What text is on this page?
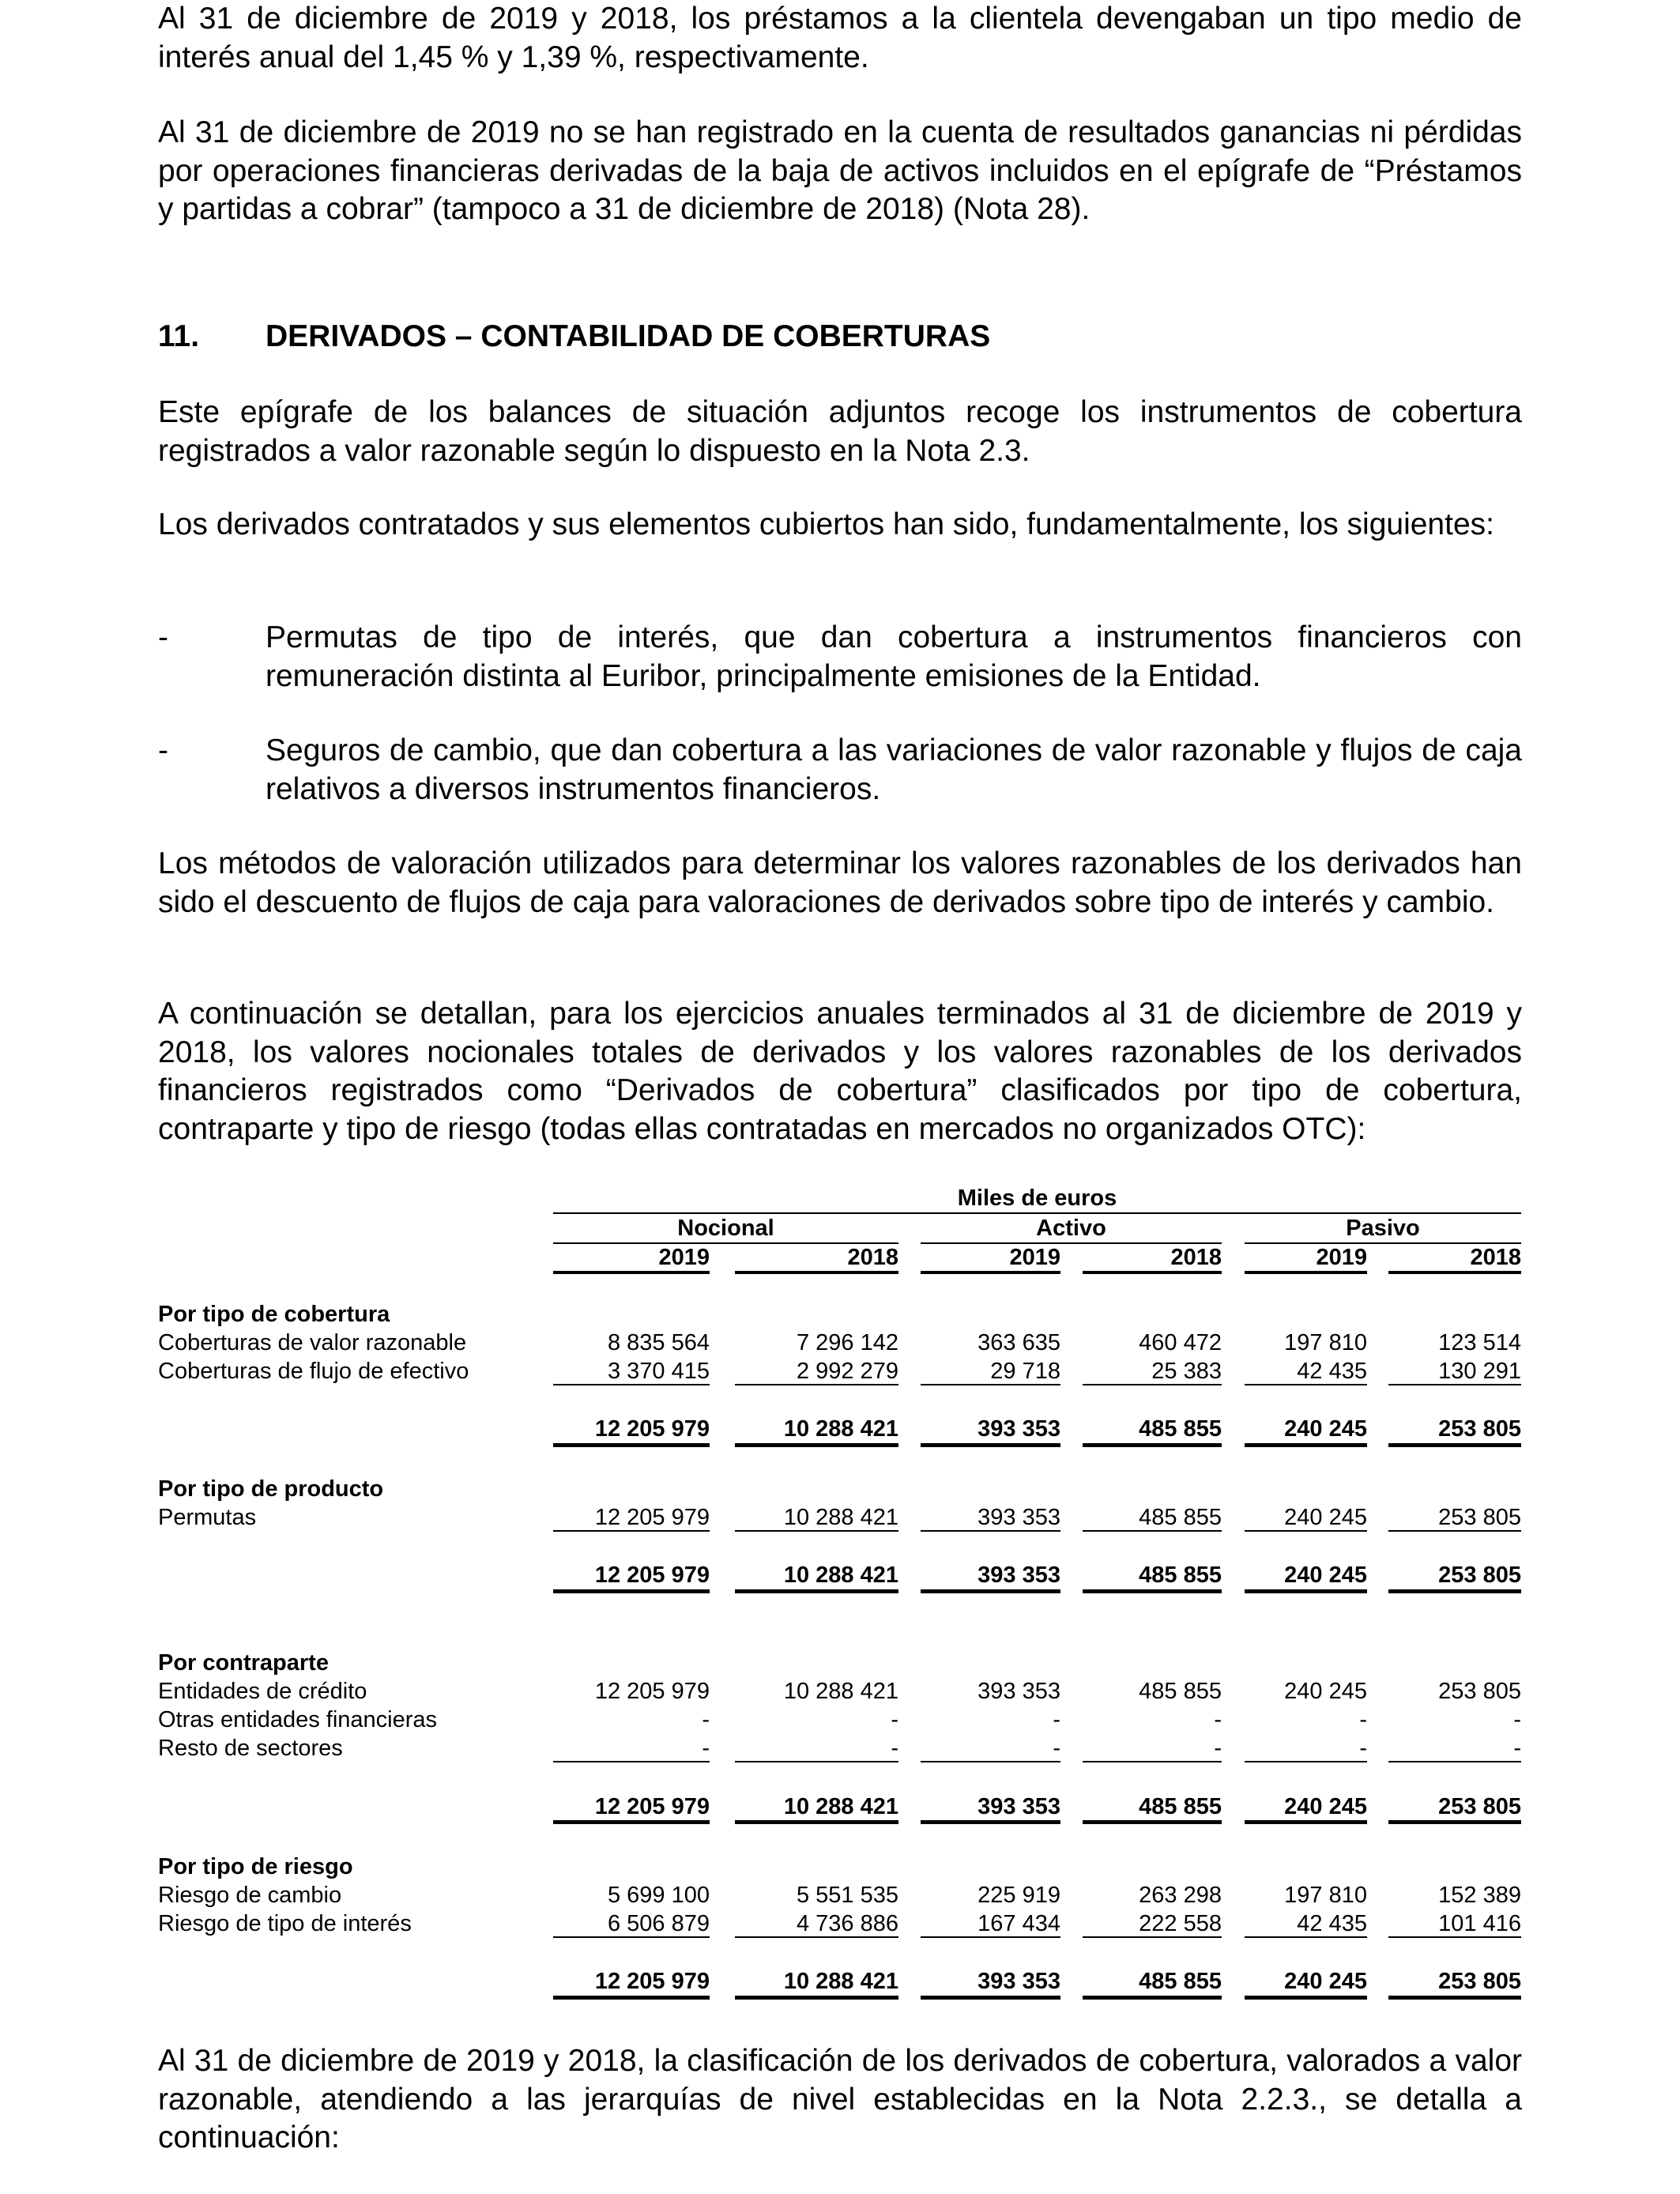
Al 31 de diciembre de 2019 y 2018, los préstamos a la clientela devengaban un tipo medio de interés anual del 1,45 % y 1,39 %, respectivamente.

Al 31 de diciembre de 2019 no se han registrado en la cuenta de resultados ganancias ni pérdidas por operaciones financieras derivadas de la baja de activos incluidos en el epígrafe de “Préstamos y partidas a cobrar” (tampoco a 31 de diciembre de 2018) (Nota 28).

11. DERIVADOS – CONTABILIDAD DE COBERTURAS

Este epígrafe de los balances de situación adjuntos recoge los instrumentos de cobertura registrados a valor razonable según lo dispuesto en la Nota 2.3.

Los derivados contratados y sus elementos cubiertos han sido, fundamentalmente, los siguientes:

-	Permutas de tipo de interés, que dan cobertura a instrumentos financieros con remuneración distinta al Euribor, principalmente emisiones de la Entidad.
-	Seguros de cambio, que dan cobertura a las variaciones de valor razonable y flujos de caja relativos a diversos instrumentos financieros.

Los métodos de valoración utilizados para determinar los valores razonables de los derivados han sido el descuento de flujos de caja para valoraciones de derivados sobre tipo de interés y cambio.

A continuación se detallan, para los ejercicios anuales terminados al 31 de diciembre de 2019 y 2018, los valores nocionales totales de derivados y los valores razonables de los derivados financieros registrados como “Derivados de cobertura” clasificados por tipo de cobertura, contraparte y tipo de riesgo (todas ellas contratadas en mercados no organizados OTC):

Miles de euros
Nocional	Activo	Pasivo
2019	2018	2019	2018	2019	2018
Por tipo de cobertura
Coberturas de valor razonable	8 835 564	7 296 142	363 635	460 472	197 810	123 514
Coberturas de flujo de efectivo	3 370 415	2 992 279	29 718	25 383	42 435	130 291
12 205 979	10 288 421	393 353	485 855	240 245	253 805
Por tipo de producto
Permutas	12 205 979	10 288 421	393 353	485 855	240 245	253 805
12 205 979	10 288 421	393 353	485 855	240 245	253 805
Por contraparte
Entidades de crédito	12 205 979	10 288 421	393 353	485 855	240 245	253 805
Otras entidades financieras	-	-	-	-	-	-
Resto de sectores	-	-	-	-	-	-
12 205 979	10 288 421	393 353	485 855	240 245	253 805
Por tipo de riesgo
Riesgo de cambio	5 699 100	5 551 535	225 919	263 298	197 810	152 389
Riesgo de tipo de interés	6 506 879	4 736 886	167 434	222 558	42 435	101 416
12 205 979	10 288 421	393 353	485 855	240 245	253 805

Al 31 de diciembre de 2019 y 2018, la clasificación de los derivados de cobertura, valorados a valor razonable, atendiendo a las jerarquías de nivel establecidas en la Nota 2.2.3., se detalla a continuación:
